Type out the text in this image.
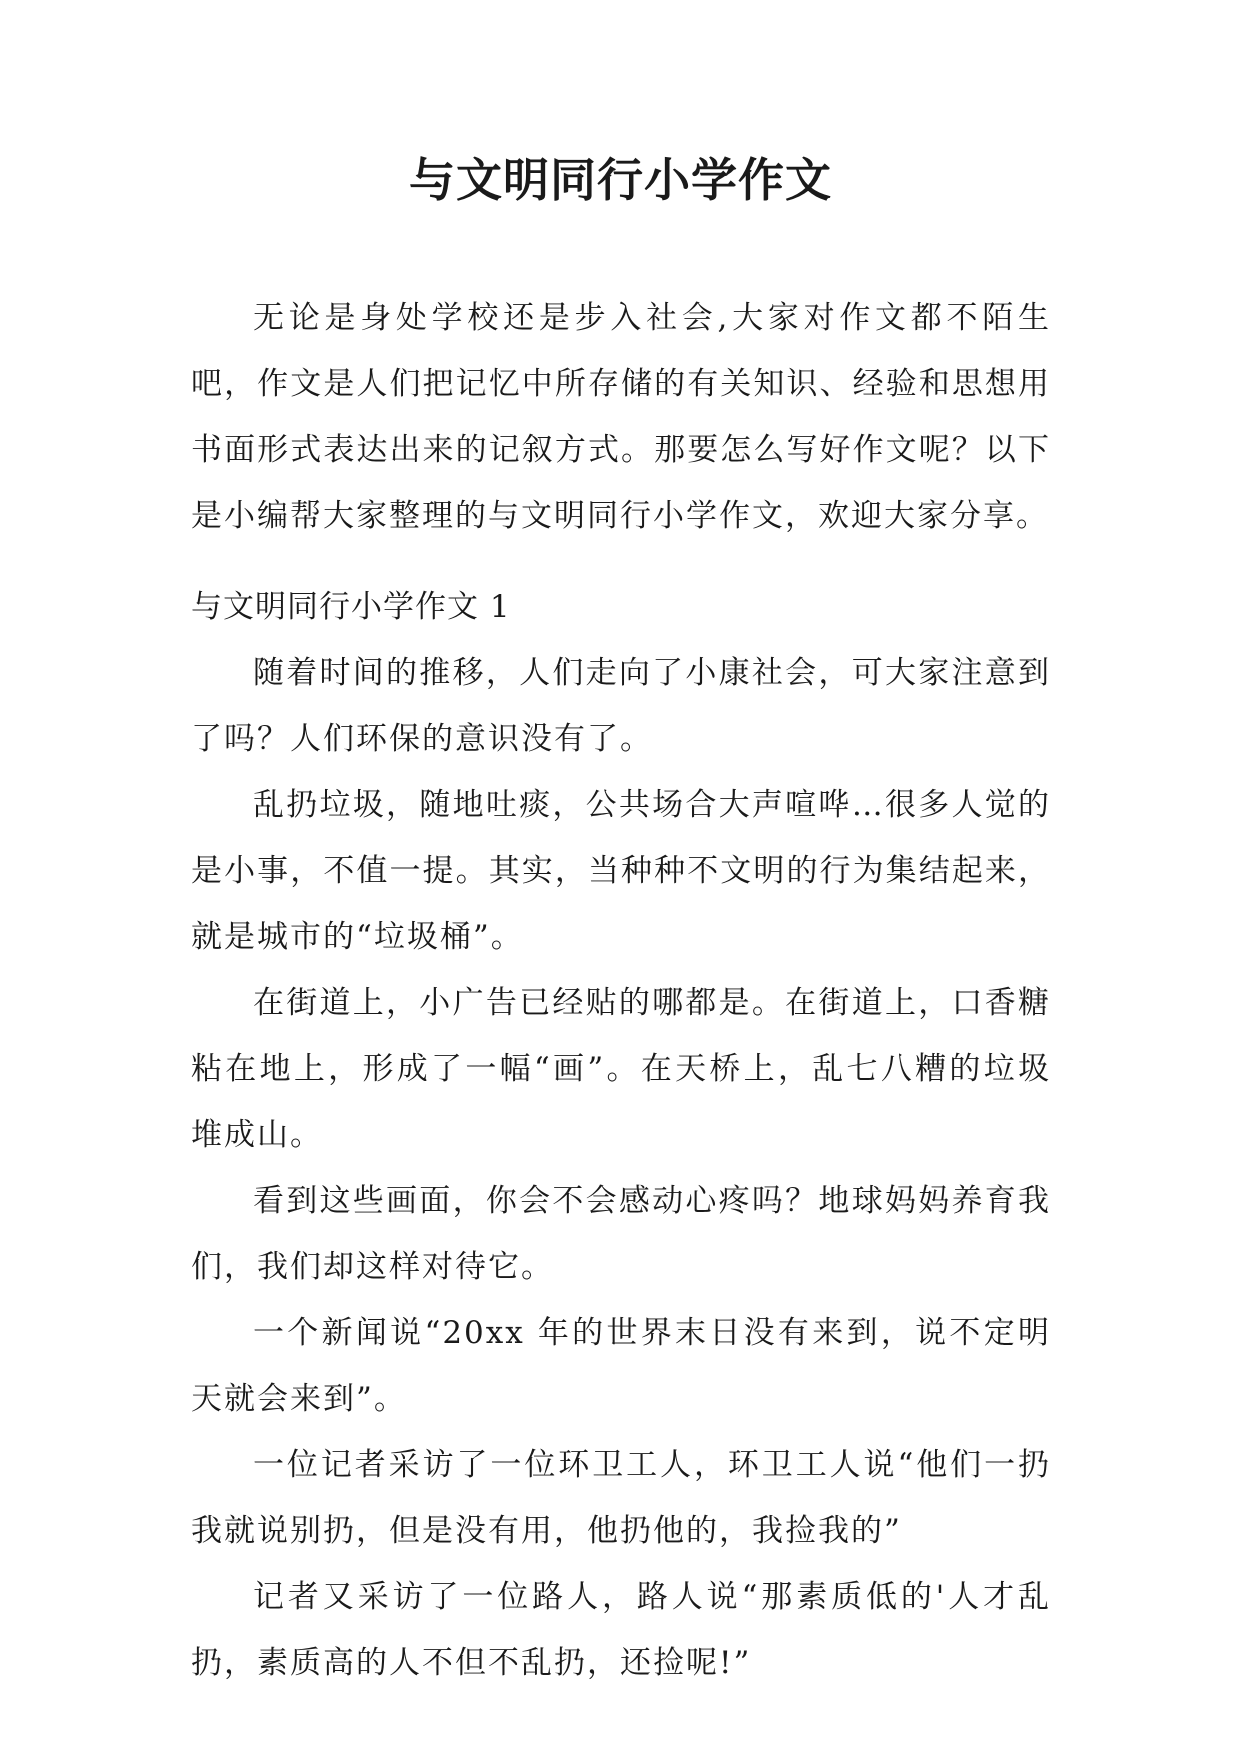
与文明同行小学作文

无论是身处学校还是步入社会,大家对作文都不陌生吧，作文是人们把记忆中所存储的有关知识、经验和思想用书面形式表达出来的记叙方式。那要怎么写好作文呢？以下是小编帮大家整理的与文明同行小学作文，欢迎大家分享。

与文明同行小学作文 1

随着时间的推移，人们走向了小康社会，可大家注意到了吗？人们环保的意识没有了。

乱扔垃圾，随地吐痰，公共场合大声喧哗…很多人觉的是小事，不值一提。其实，当种种不文明的行为集结起来，就是城市的“垃圾桶”。

在街道上，小广告已经贴的哪都是。在街道上，口香糖粘在地上，形成了一幅“画”。在天桥上，乱七八糟的垃圾堆成山。

看到这些画面，你会不会感动心疼吗？地球妈妈养育我们，我们却这样对待它。

一个新闻说“20xx 年的世界末日没有来到，说不定明天就会来到”。

一位记者采访了一位环卫工人，环卫工人说“他们一扔我就说别扔，但是没有用，他扔他的，我捡我的”

记者又采访了一位路人，路人说“那素质低的'人才乱扔，素质高的人不但不乱扔，还捡呢!”
